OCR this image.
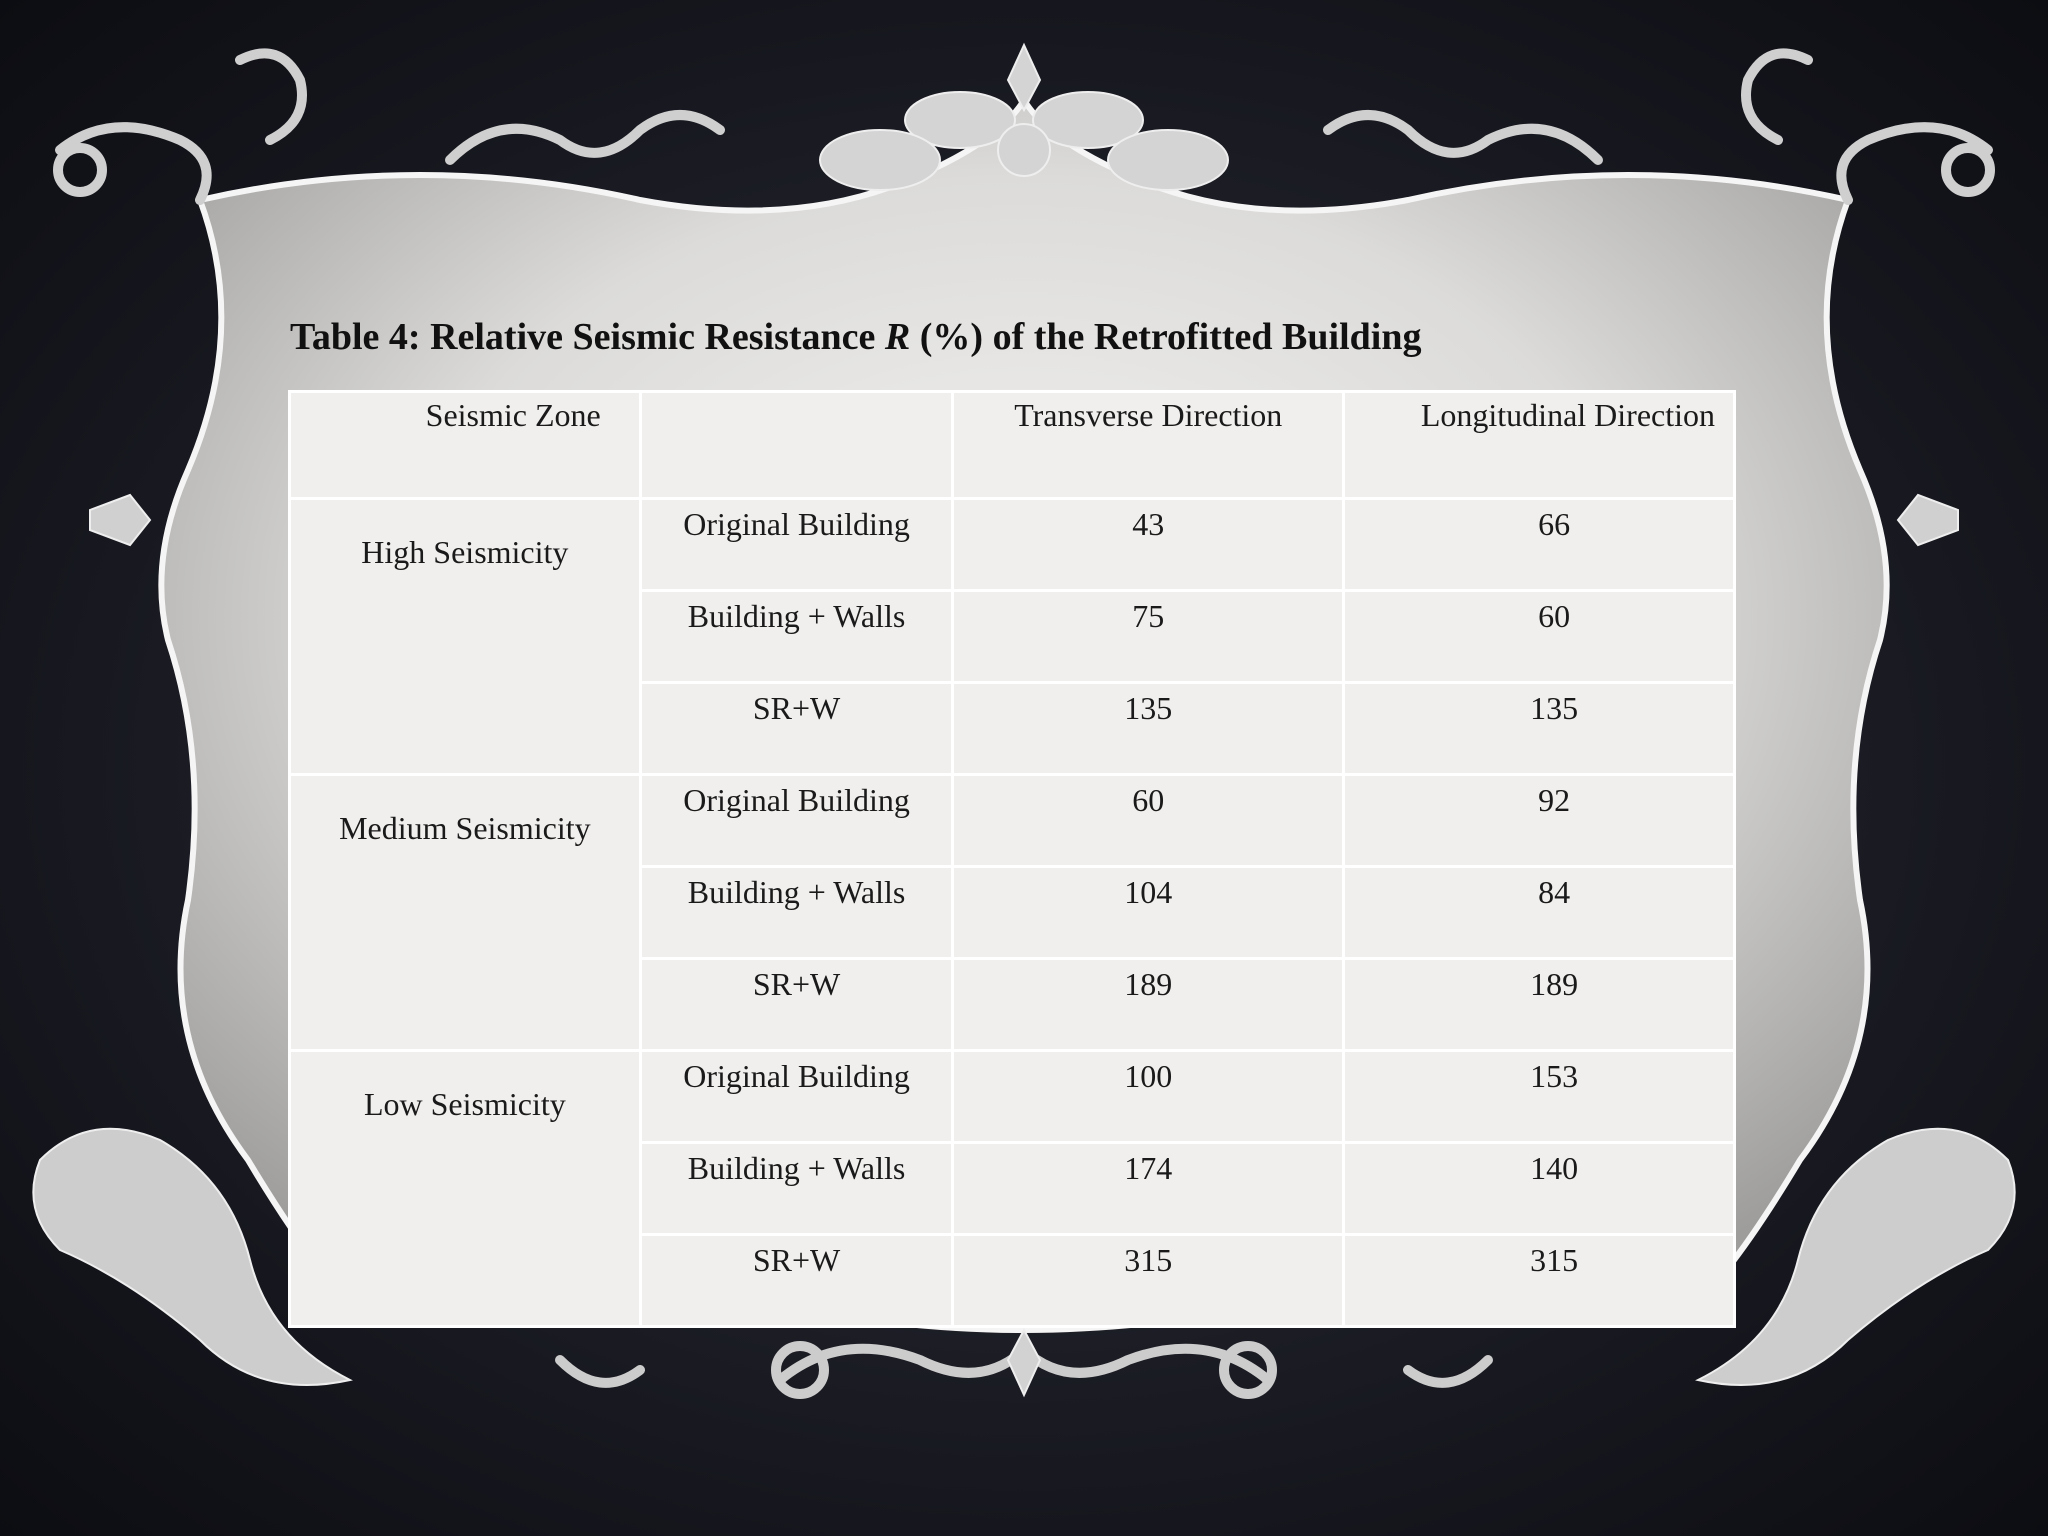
Table 4: Relative Seismic Resistance R (%) of the Retrofitted Building
Seismic Zone		Transverse Direction	Longitudinal Direction
High Seismicity	Original Building	43	66
	Building + Walls	75	60
	SR+W	135	135
Medium Seismicity	Original Building	60	92
	Building + Walls	104	84
	SR+W	189	189
Low Seismicity	Original Building	100	153
	Building + Walls	174	140
	SR+W	315	315
